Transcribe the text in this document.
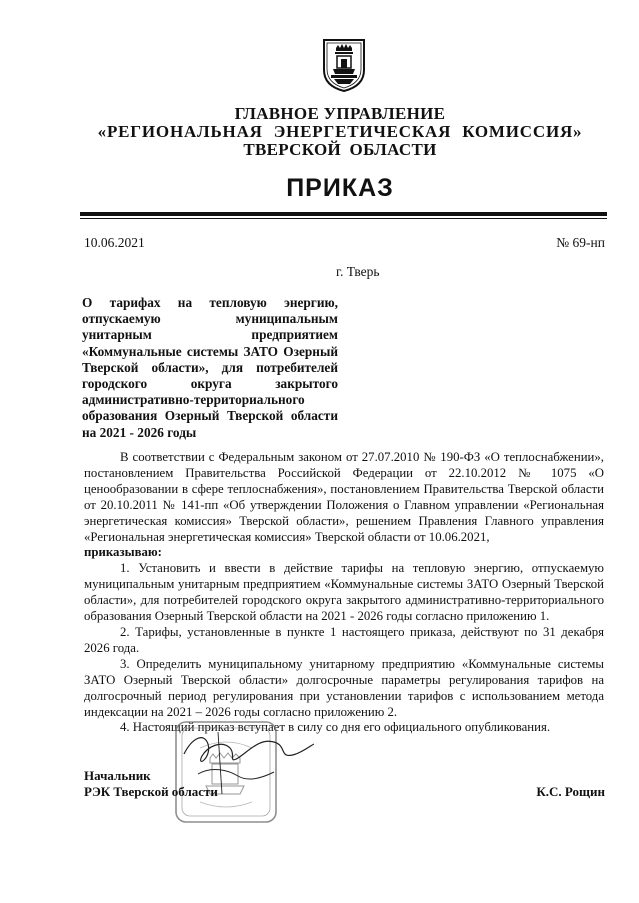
ГЛАВНОЕ УПРАВЛЕНИЕ
«РЕГИОНАЛЬНАЯ ЭНЕРГЕТИЧЕСКАЯ КОМИССИЯ»
ТВЕРСКОЙ ОБЛАСТИ
ПРИКАЗ
10.06.2021	№ 69-нп
г. Тверь
О тарифах на тепловую энергию, отпускаемую муниципальным унитарным предприятием «Коммунальные системы ЗАТО Озерный Тверской области», для потребителей городского округа закрытого административно-территориального образования Озерный Тверской области на 2021 - 2026 годы

В соответствии с Федеральным законом от 27.07.2010 № 190-ФЗ «О теплоснабжении», постановлением Правительства Российской Федерации от 22.10.2012 № 1075 «О ценообразовании в сфере теплоснабжения», постановлением Правительства Тверской области от 20.10.2011 № 141-пп «Об утверждении Положения о Главном управлении «Региональная энергетическая комиссия» Тверской области», решением Правления Главного управления «Региональная энергетическая комиссия» Тверской области от 10.06.2021,

приказываю:

1. Установить и ввести в действие тарифы на тепловую энергию, отпускаемую муниципальным унитарным предприятием «Коммунальные системы ЗАТО Озерный Тверской области», для потребителей городского округа закрытого административно-территориального образования Озерный Тверской области на 2021 - 2026 годы согласно приложению 1.

2. Тарифы, установленные в пункте 1 настоящего приказа, действуют по 31 декабря 2026 года.

3. Определить муниципальному унитарному предприятию «Коммунальные системы ЗАТО Озерный Тверской области» долгосрочные параметры регулирования тарифов на долгосрочный период регулирования при установлении тарифов с использованием метода индексации на 2021 – 2026 годы согласно приложению 2.

4. Настоящий приказ вступает в силу со дня его официального опубликования.

Начальник
РЭК Тверской области	К.С. Рощин
